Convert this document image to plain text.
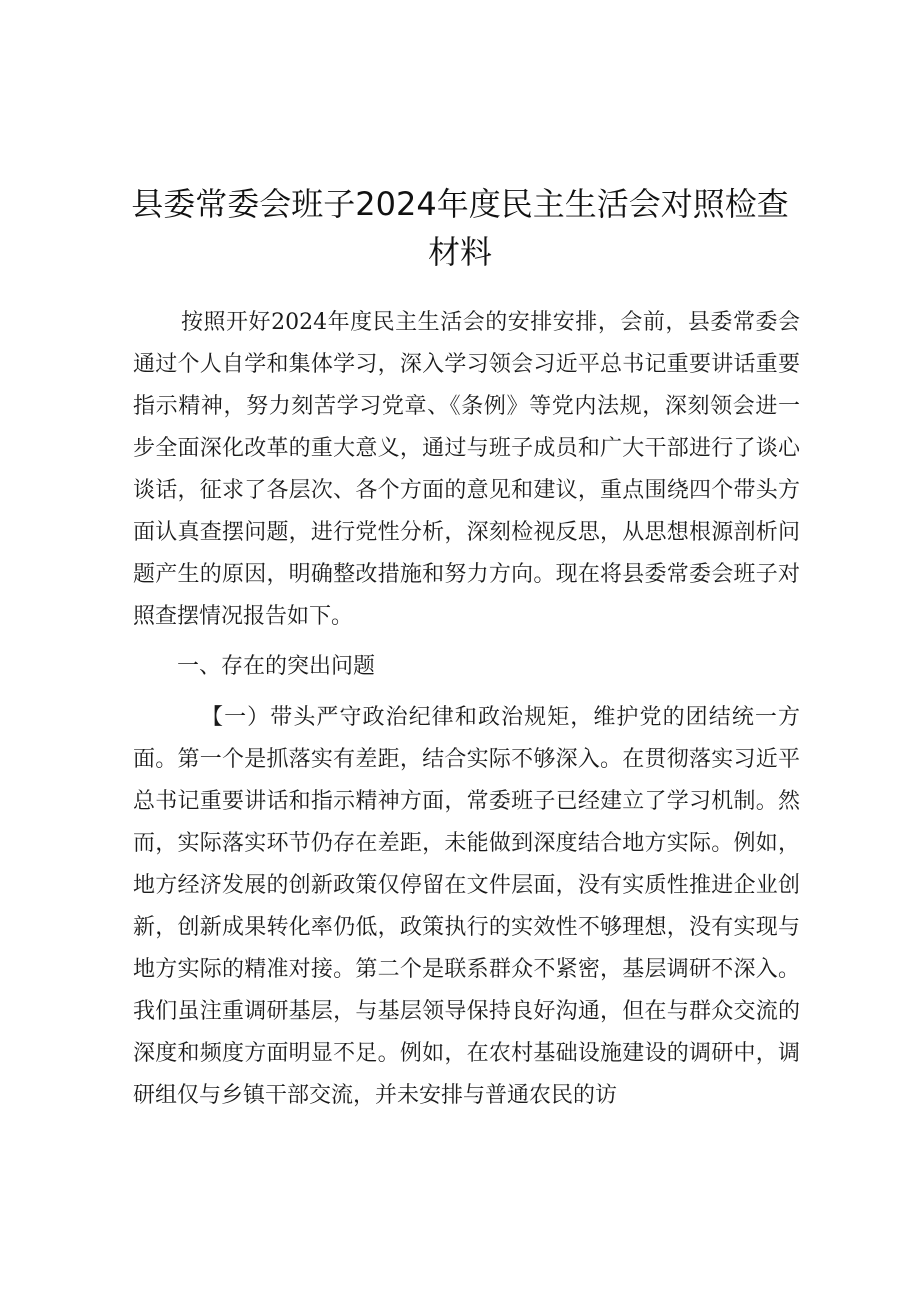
县委常委会班子2024年度民主生活会对照检查
材料
按照开好2024年度民主生活会的安排安排，会前，县委常委会通过个人自学和集体学习，深入学习领会习近平总书记重要讲话重要指示精神，努力刻苦学习党章、《条例》等党内法规，深刻领会进一步全面深化改革的重大意义，通过与班子成员和广大干部进行了谈心谈话，征求了各层次、各个方面的意见和建议，重点围绕四个带头方面认真查摆问题，进行党性分析，深刻检视反思，从思想根源剖析问题产生的原因，明确整改措施和努力方向。现在将县委常委会班子对照查摆情况报告如下。
一、存在的突出问题
【一）带头严守政治纪律和政治规矩，维护党的团结统一方面。第一个是抓落实有差距，结合实际不够深入。在贯彻落实习近平总书记重要讲话和指示精神方面，常委班子已经建立了学习机制。然而，实际落实环节仍存在差距，未能做到深度结合地方实际。例如，地方经济发展的创新政策仅停留在文件层面，没有实质性推进企业创新，创新成果转化率仍低，政策执行的实效性不够理想，没有实现与地方实际的精准对接。第二个是联系群众不紧密，基层调研不深入。我们虽注重调研基层，与基层领导保持良好沟通，但在与群众交流的深度和频度方面明显不足。例如，在农村基础设施建设的调研中，调研组仅与乡镇干部交流，并未安排与普通农民的访
